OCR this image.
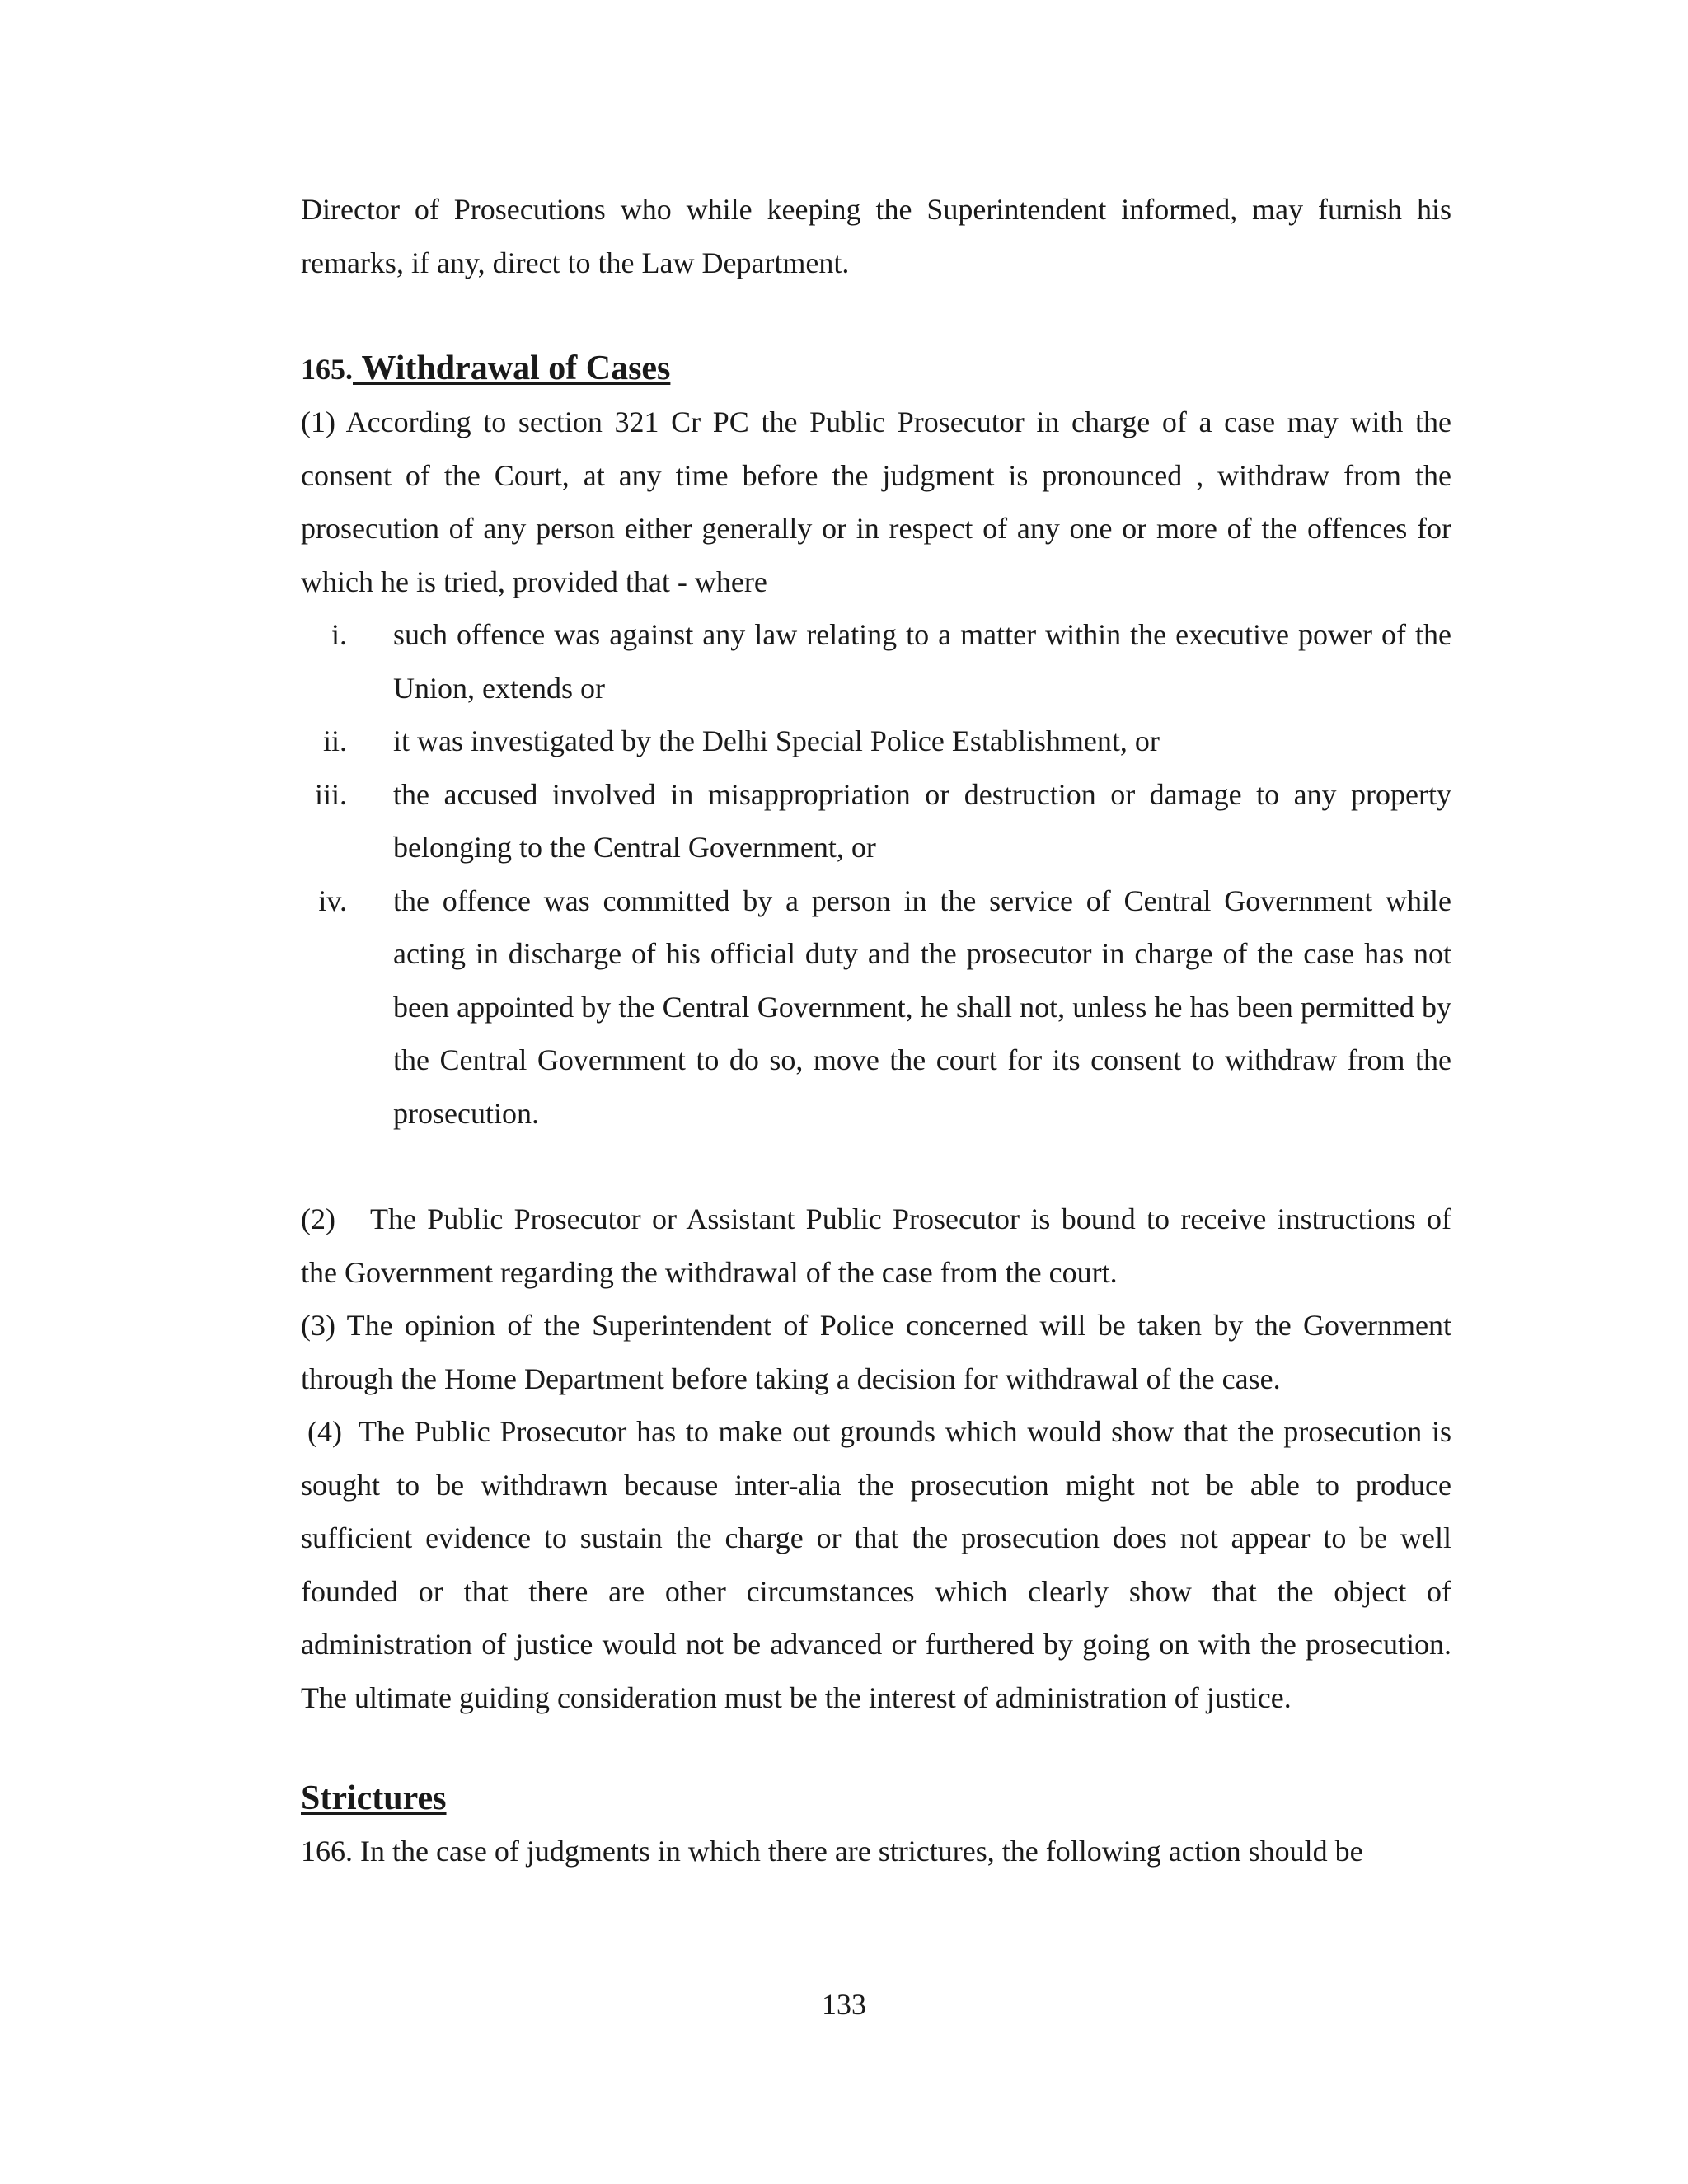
Director of Prosecutions who while keeping the Superintendent informed, may furnish his remarks, if any, direct to the Law Department.

165. Withdrawal of Cases

(1) According to section 321 Cr PC the Public Prosecutor in charge of a case may with the consent of the Court, at any time before the judgment is pronounced , withdraw from the prosecution of any person either generally or in respect of any one or more of the offences for which he is tried, provided that - where

i. such offence was against any law relating to a matter within the executive power of the Union, extends or
ii. it was investigated by the Delhi Special Police Establishment, or
iii. the accused involved in misappropriation or destruction or damage to any property belonging to the Central Government, or
iv. the offence was committed by a person in the service of Central Government while acting in discharge of his official duty and the prosecutor in charge of the case has not been appointed by the Central Government, he shall not, unless he has been permitted by the Central Government to do so, move the court for its consent to withdraw from the prosecution.

(2) The Public Prosecutor or Assistant Public Prosecutor is bound to receive instructions of the Government regarding the withdrawal of the case from the court.

(3) The opinion of the Superintendent of Police concerned will be taken by the Government through the Home Department before taking a decision for withdrawal of the case.

(4) The Public Prosecutor has to make out grounds which would show that the prosecution is sought to be withdrawn because inter-alia the prosecution might not be able to produce sufficient evidence to sustain the charge or that the prosecution does not appear to be well founded or that there are other circumstances which clearly show that the object of administration of justice would not be advanced or furthered by going on with the prosecution. The ultimate guiding consideration must be the interest of administration of justice.

Strictures

166. In the case of judgments in which there are strictures, the following action should be

133
